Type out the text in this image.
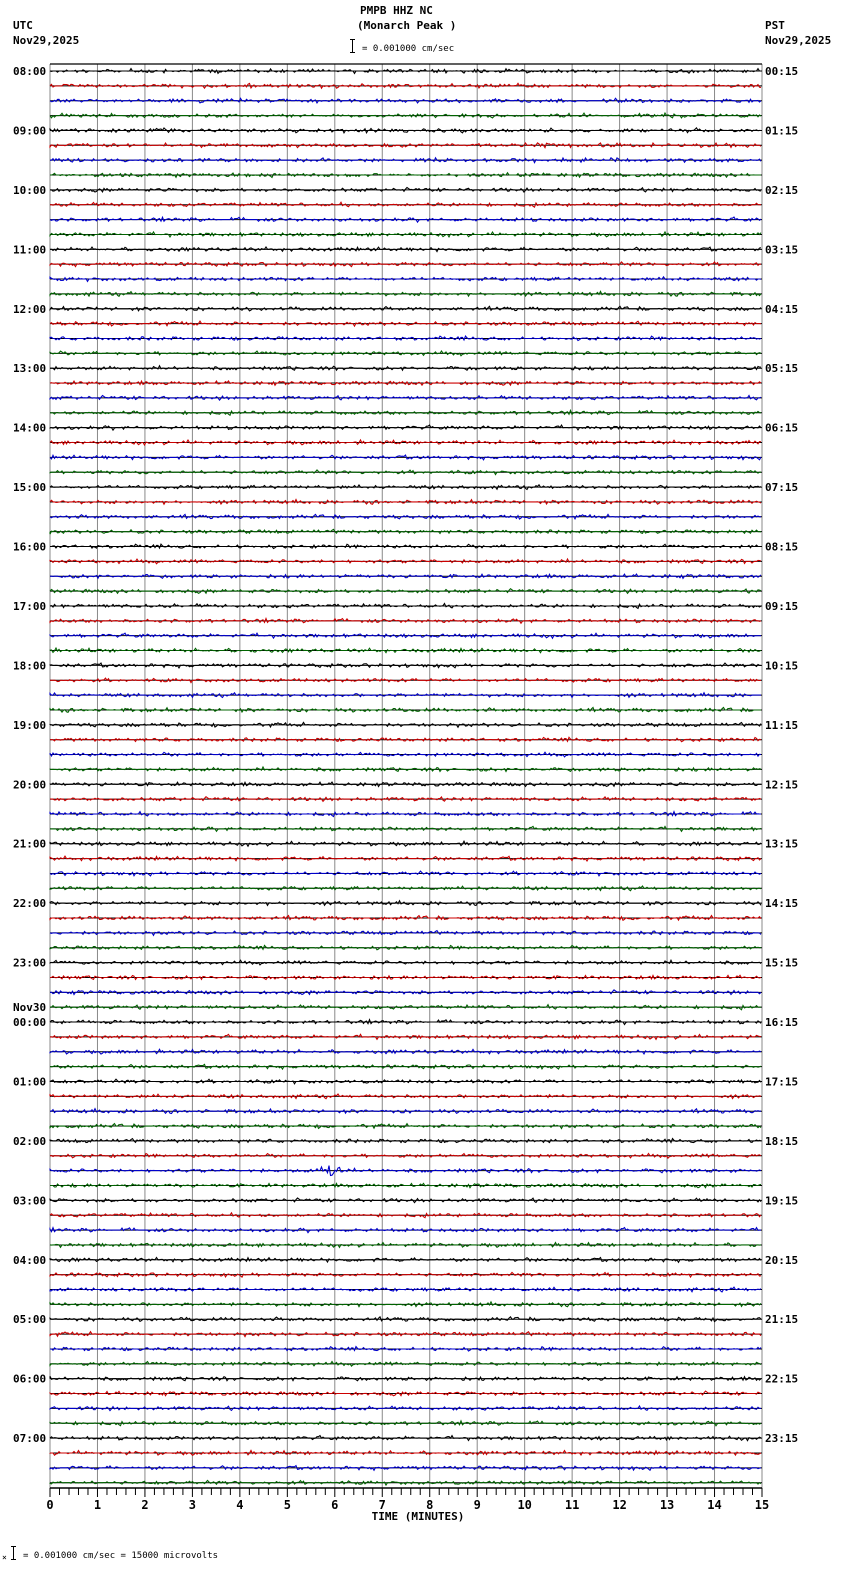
PMPB HHZ NC
(Monarch Peak )
UTC
Nov29,2025
PST
Nov29,2025
= 0.001000 cm/sec
08:00
09:00
10:00
11:00
12:00
13:00
14:00
15:00
16:00
17:00
18:00
19:00
20:00
21:00
22:00
23:00
00:00
Nov30
01:00
02:00
03:00
04:00
05:00
06:00
07:00
00:15
01:15
02:15
03:15
04:15
05:15
06:15
07:15
08:15
09:15
10:15
11:15
12:15
13:15
14:15
15:15
16:15
17:15
18:15
19:15
20:15
21:15
22:15
23:15
0	1	2	3	4	5	6	7	8	9	10	11	12	13	14	15
TIME (MINUTES)
× = 0.001000 cm/sec = 15000 microvolts
